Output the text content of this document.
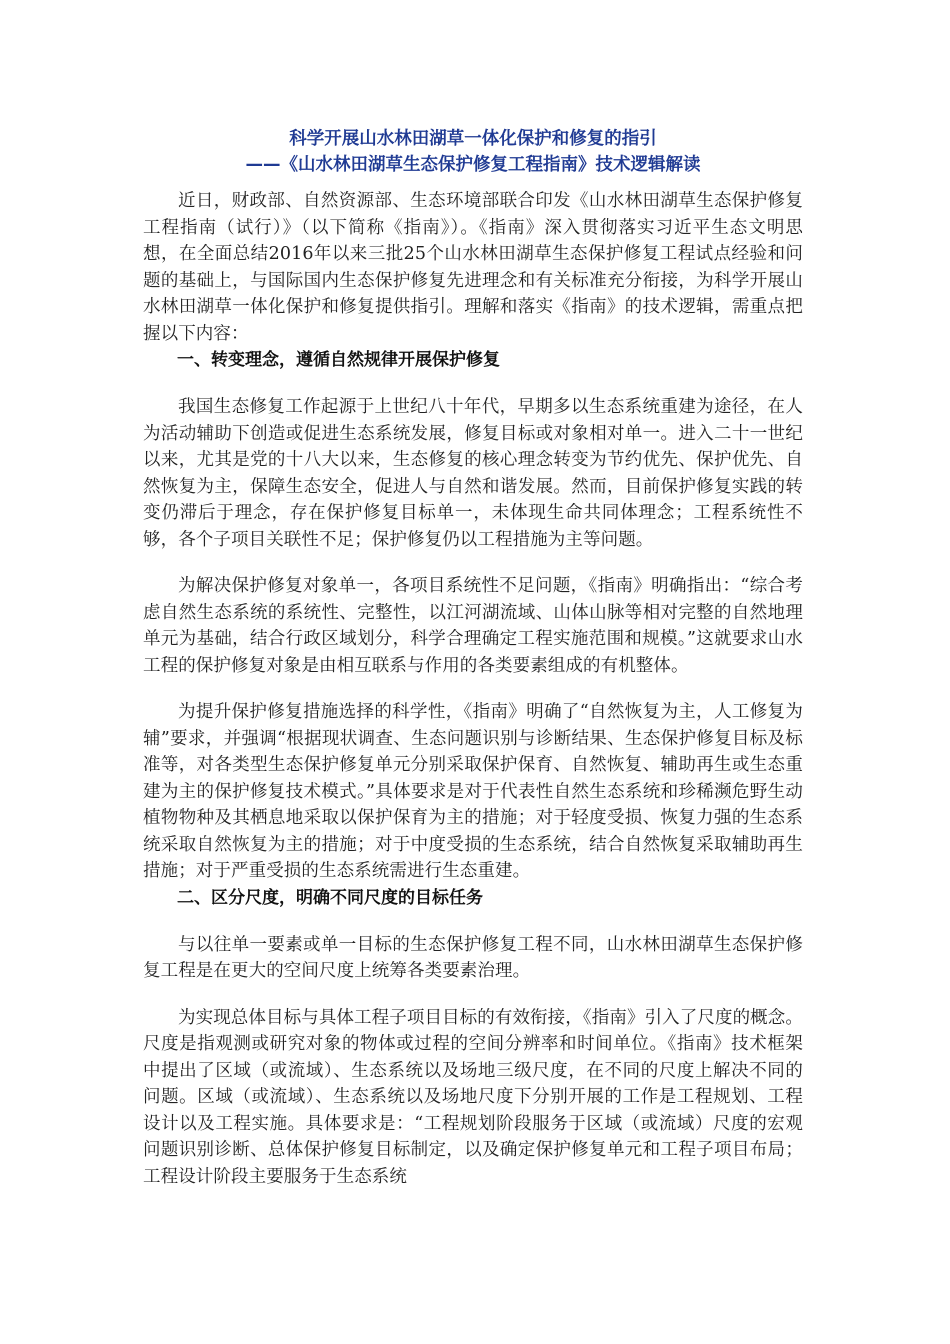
科学开展山水林田湖草一体化保护和修复的指引
——《山水林田湖草生态保护修复工程指南》技术逻辑解读

近日，财政部、自然资源部、生态环境部联合印发《山水林田湖草生态保护修复工程指南（试行）》（以下简称《指南》）。《指南》深入贯彻落实习近平生态文明思想，在全面总结2016年以来三批25个山水林田湖草生态保护修复工程试点经验和问题的基础上，与国际国内生态保护修复先进理念和有关标准充分衔接，为科学开展山水林田湖草一体化保护和修复提供指引。理解和落实《指南》的技术逻辑，需重点把握以下内容：

一、转变理念，遵循自然规律开展保护修复

我国生态修复工作起源于上世纪八十年代，早期多以生态系统重建为途径，在人为活动辅助下创造或促进生态系统发展，修复目标或对象相对单一。进入二十一世纪以来，尤其是党的十八大以来，生态修复的核心理念转变为节约优先、保护优先、自然恢复为主，保障生态安全，促进人与自然和谐发展。然而，目前保护修复实践的转变仍滞后于理念，存在保护修复目标单一，未体现生命共同体理念；工程系统性不够，各个子项目关联性不足；保护修复仍以工程措施为主等问题。

为解决保护修复对象单一，各项目系统性不足问题，《指南》明确指出：“综合考虑自然生态系统的系统性、完整性，以江河湖流域、山体山脉等相对完整的自然地理单元为基础，结合行政区域划分，科学合理确定工程实施范围和规模。”这就要求山水工程的保护修复对象是由相互联系与作用的各类要素组成的有机整体。

为提升保护修复措施选择的科学性，《指南》明确了“自然恢复为主，人工修复为辅”要求，并强调“根据现状调查、生态问题识别与诊断结果、生态保护修复目标及标准等，对各类型生态保护修复单元分别采取保护保育、自然恢复、辅助再生或生态重建为主的保护修复技术模式。”具体要求是对于代表性自然生态系统和珍稀濒危野生动植物物种及其栖息地采取以保护保育为主的措施；对于轻度受损、恢复力强的生态系统采取自然恢复为主的措施；对于中度受损的生态系统，结合自然恢复采取辅助再生措施；对于严重受损的生态系统需进行生态重建。

二、区分尺度，明确不同尺度的目标任务

与以往单一要素或单一目标的生态保护修复工程不同，山水林田湖草生态保护修复工程是在更大的空间尺度上统筹各类要素治理。

为实现总体目标与具体工程子项目目标的有效衔接，《指南》引入了尺度的概念。尺度是指观测或研究对象的物体或过程的空间分辨率和时间单位。《指南》技术框架中提出了区域（或流域）、生态系统以及场地三级尺度，在不同的尺度上解决不同的问题。区域（或流域）、生态系统以及场地尺度下分别开展的工作是工程规划、工程设计以及工程实施。具体要求是：“工程规划阶段服务于区域（或流域）尺度的宏观问题识别诊断、总体保护修复目标制定，以及确定保护修复单元和工程子项目布局；工程设计阶段主要服务于生态系统
